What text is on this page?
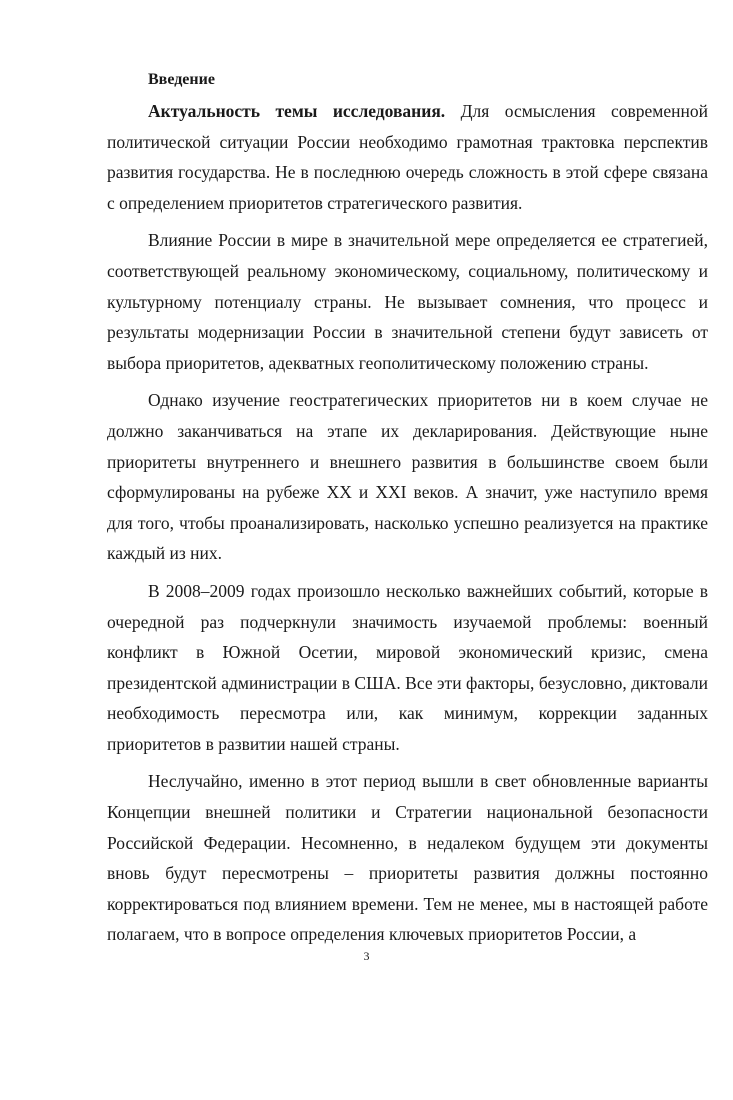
Введение

Актуальность темы исследования. Для осмысления современной политической ситуации России необходимо грамотная трактовка перспектив развития государства. Не в последнюю очередь сложность в этой сфере связана с определением приоритетов стратегического развития.

Влияние России в мире в значительной мере определяется ее стратегией, соответствующей реальному экономическому, социальному, политическому и культурному потенциалу страны. Не вызывает сомнения, что процесс и результаты модернизации России в значительной степени будут зависеть от выбора приоритетов, адекватных геополитическому положению страны.

Однако изучение геостратегических приоритетов ни в коем случае не должно заканчиваться на этапе их декларирования. Действующие ныне приоритеты внутреннего и внешнего развития в большинстве своем были сформулированы на рубеже XX и XXI веков. А значит, уже наступило время для того, чтобы проанализировать, насколько успешно реализуется на практике каждый из них.

В 2008–2009 годах произошло несколько важнейших событий, которые в очередной раз подчеркнули значимость изучаемой проблемы: военный конфликт в Южной Осетии, мировой экономический кризис, смена президентской администрации в США. Все эти факторы, безусловно, диктовали необходимость пересмотра или, как минимум, коррекции заданных приоритетов в развитии нашей страны.

Неслучайно, именно в этот период вышли в свет обновленные варианты Концепции внешней политики и Стратегии национальной безопасности Российской Федерации. Несомненно, в недалеком будущем эти документы вновь будут пересмотрены – приоритеты развития должны постоянно корректироваться под влиянием времени. Тем не менее, мы в настоящей работе полагаем, что в вопросе определения ключевых приоритетов России, а

3
